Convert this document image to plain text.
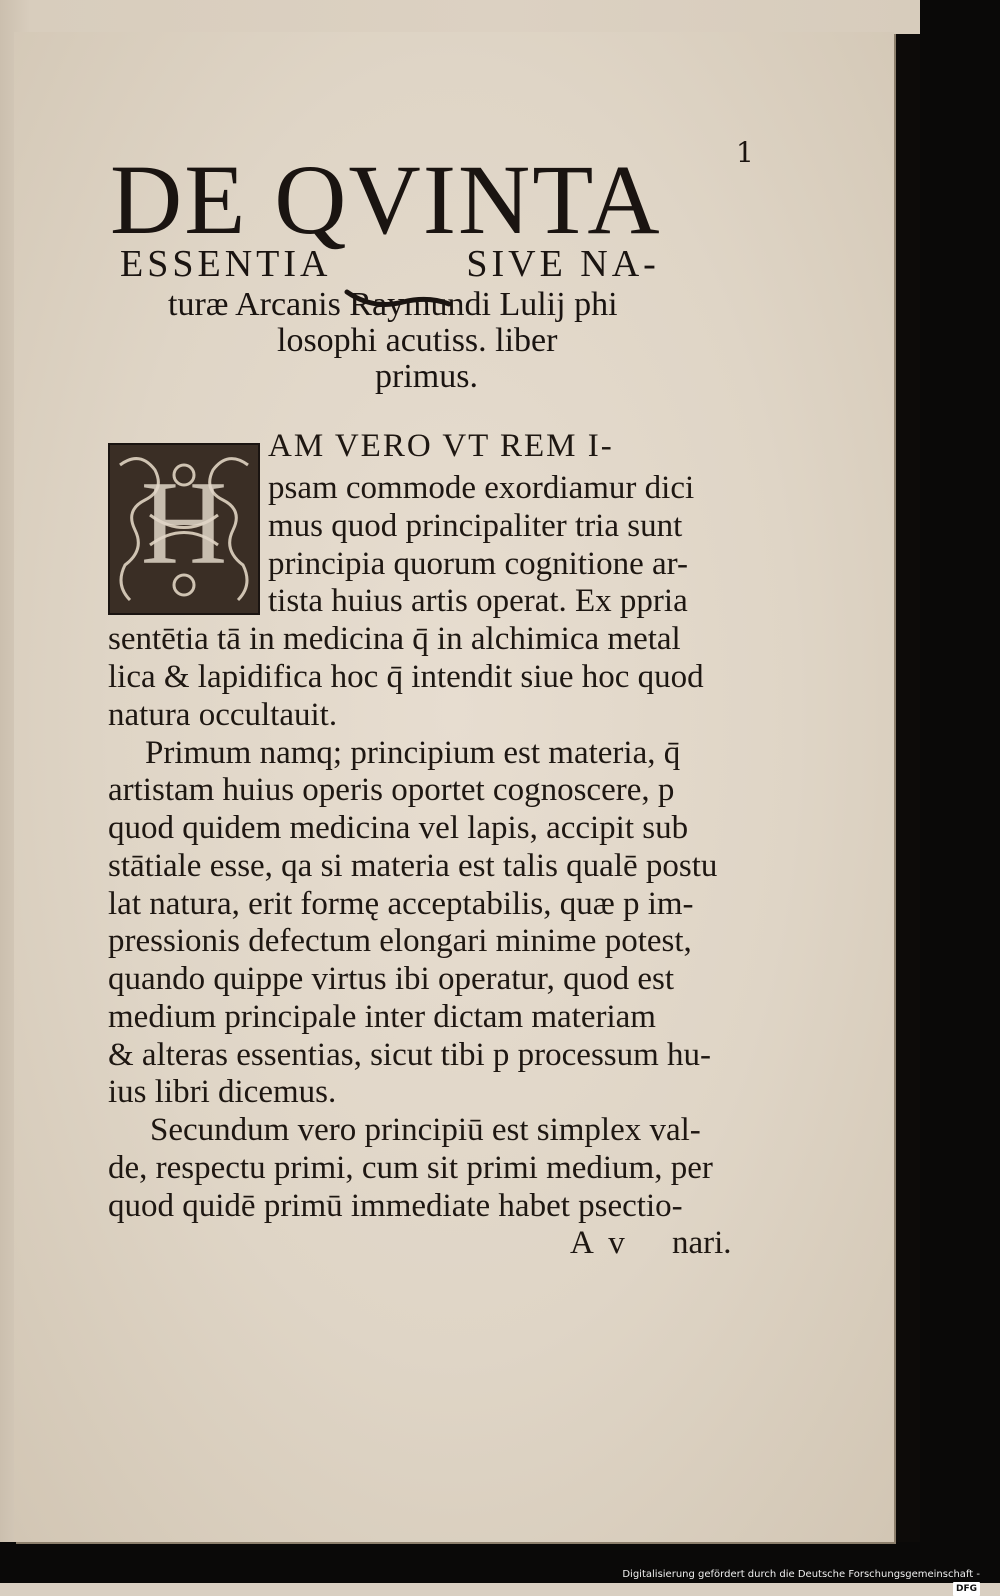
1
DE QVINTA
ESSENTIA	SIVE NA-
turæ Arcanis Raymundi Lulij phi
losophi acutiss. liber
primus.
H
AM VERO VT REM I-
psam commode exordiamur dici
mus quod principaliter tria sunt
principia quorum cognitione ar-
tista huius artis operat. Ex ppria
sentētia tā in medicina q̄ in alchimica metal
lica & lapidifica hoc q̄ intendit siue hoc quod
natura occultauit.
Primum namq; principium est materia, q̄
artistam huius operis oportet cognoscere, p
quod quidem medicina vel lapis, accipit sub
stātiale esse, qa si materia est talis qualē postu
lat natura, erit formę acceptabilis, quæ p im-
pressionis defectum elongari minime potest,
quando quippe virtus ibi operatur, quod est
medium principale inter dictam materiam
& alteras essentias, sicut tibi p processum hu-
ius libri dicemus.
Secundum vero principiū est simplex val-
de, respectu primi, cum sit primi medium, per
quod quidē primū immediate habet psectio-
A v	nari.
Digitalisierung gefördert durch die Deutsche Forschungsgemeinschaft -DFG
